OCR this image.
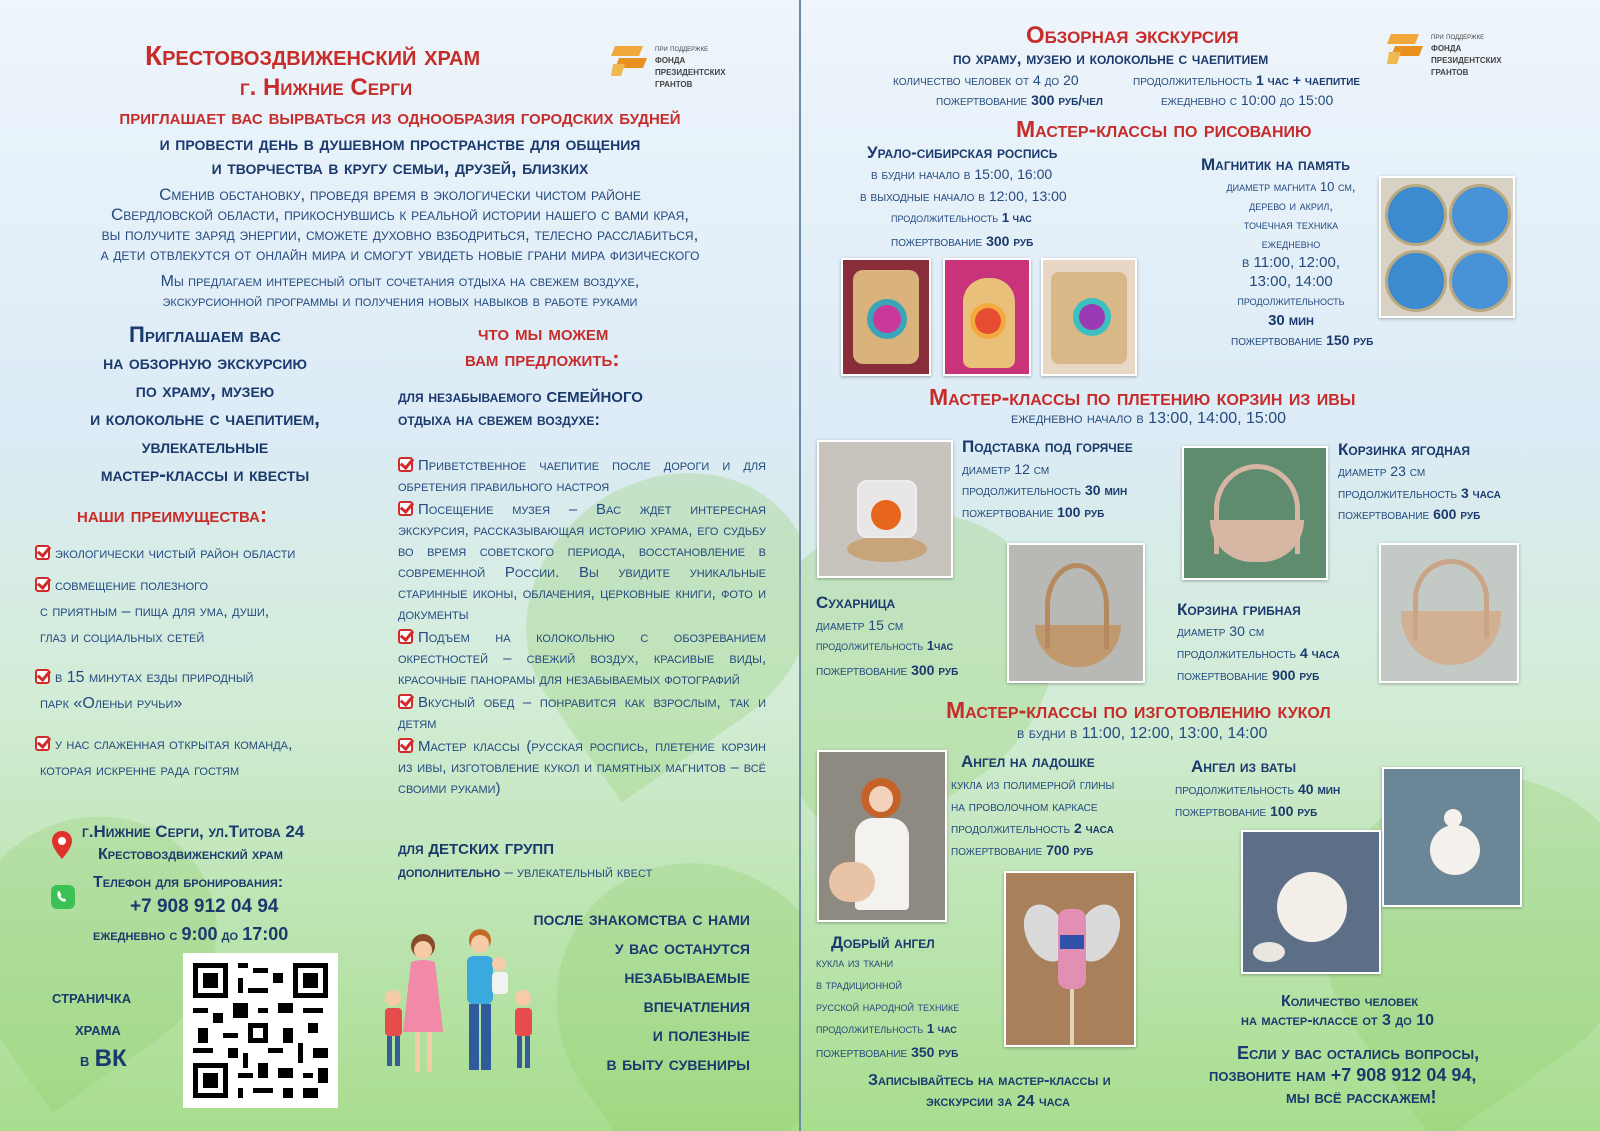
Крестовоздвиженский храм
г. Нижние Серги
при поддержке
фонда
президентских
грантов
приглашает вас вырваться из однообразия городских будней
и провести день в душевном пространстве для общения
и творчества в кругу семьи, друзей, близких
Сменив обстановку, проведя время в экологически чистом районе
Свердловской области, прикоснувшись к реальной истории нашего с вами края,
вы получите заряд энергии, сможете духовно взбодриться, телесно расслабиться,
а дети отвлекутся от онлайн мира и смогут увидеть новые грани мира физического
Мы предлагаем интересный опыт сочетания отдыха на свежем воздухе,
экскурсионной программы и получения новых навыков в работе руками
Приглашаем вас
на обзорную экскурсию
по храму, музею
и колокольне с чаепитием,
увлекательные
мастер-классы и квесты
наши преимущества:
экологически чистый район области
совмещение полезного
с приятным – пища для ума, души,
глаз и социальных сетей
в 15 минутах езды природный
парк «Оленьи ручьи»
у нас слаженная открытая команда,
которая искренне рада гостям
что мы можем
вам предложить:
для незабываемого семейного
отдыха на свежем воздухе:
Приветственное чаепитие после дороги и для обретения правильного настроя
Посещение музея – Вас ждет интересная экскурсия, рассказывающая историю храма, его судьбу во время советского периода, восстановление в современной России. Вы увидите уникальные старинные иконы, облачения, церковные книги, фото и документы
Подъем на колокольню с обозреванием окрестностей – свежий воздух, красивые виды, красочные панорамы для незабываемых фотографий
Вкусный обед – понравится как взрослым, так и детям
Мастер классы (русская роспись, плетение корзин из ивы, изготовление кукол и памятных магнитов – всё своими руками)
для детских групп
дополнительно – увлекательный квест
г.Нижние Серги, ул.Титова 24
Крестовоздвиженский храм
Телефон для бронирования:
+7 908 912 04 94
ежедневно с 9:00 до 17:00
страничка
храма
в ВК
после знакомства с нами
у вас останутся
незабываемые
впечатления
и полезные
в быту сувениры
Обзорная экскурсия
по храму, музею и колокольне с чаепитием
количество человек от 4 до 20	продолжительность 1 час + чаепитие
пожертвование 300 руб/чел	ежедневно с 10:00 до 15:00
при поддержке
фонда
президентских
грантов
Мастер-классы по рисованию
Урало-сибирская роспись
в будни начало в 15:00, 16:00
в выходные начало в 12:00, 13:00
продолжительность 1 час
пожертвование 300 руб
Магнитик на память
диаметр магнита 10 см,
дерево и акрил,
точечная техника
ежедневно
в 11:00, 12:00,
13:00, 14:00
продолжительность
30 мин
пожертвование 150 руб
Мастер-классы по плетению корзин из ивы
ежедневно начало в 13:00, 14:00, 15:00
Подставка под горячее
диаметр 12 см
продолжительность 30 мин
пожертвование 100 руб
Корзинка ягодная
диаметр 23 см
продолжительность 3 часа
пожертвование 600 руб
Сухарница
диаметр 15 см
продолжительность 1час
пожертвование 300 руб
Корзина грибная
диаметр 30 см
продолжительность 4 часа
пожертвование 900 руб
Мастер-классы по изготовлению кукол
в будни в 11:00, 12:00, 13:00, 14:00
Ангел на ладошке
кукла из полимерной глины
на проволочном каркасе
продолжительность 2 часа
пожертвование 700 руб
Ангел из ваты
продолжительность 40 мин
пожертвование 100 руб
Добрый ангел
кукла из ткани
в традиционной
русской народной технике
продолжительность 1 час
пожертвование 350 руб
Записывайтесь на мастер-классы и
экскурсии за 24 часа
Количество человек
на мастер-классе от 3 до 10
Если у вас остались вопросы,
позвоните нам +7 908 912 04 94,
мы всё расскажем!
